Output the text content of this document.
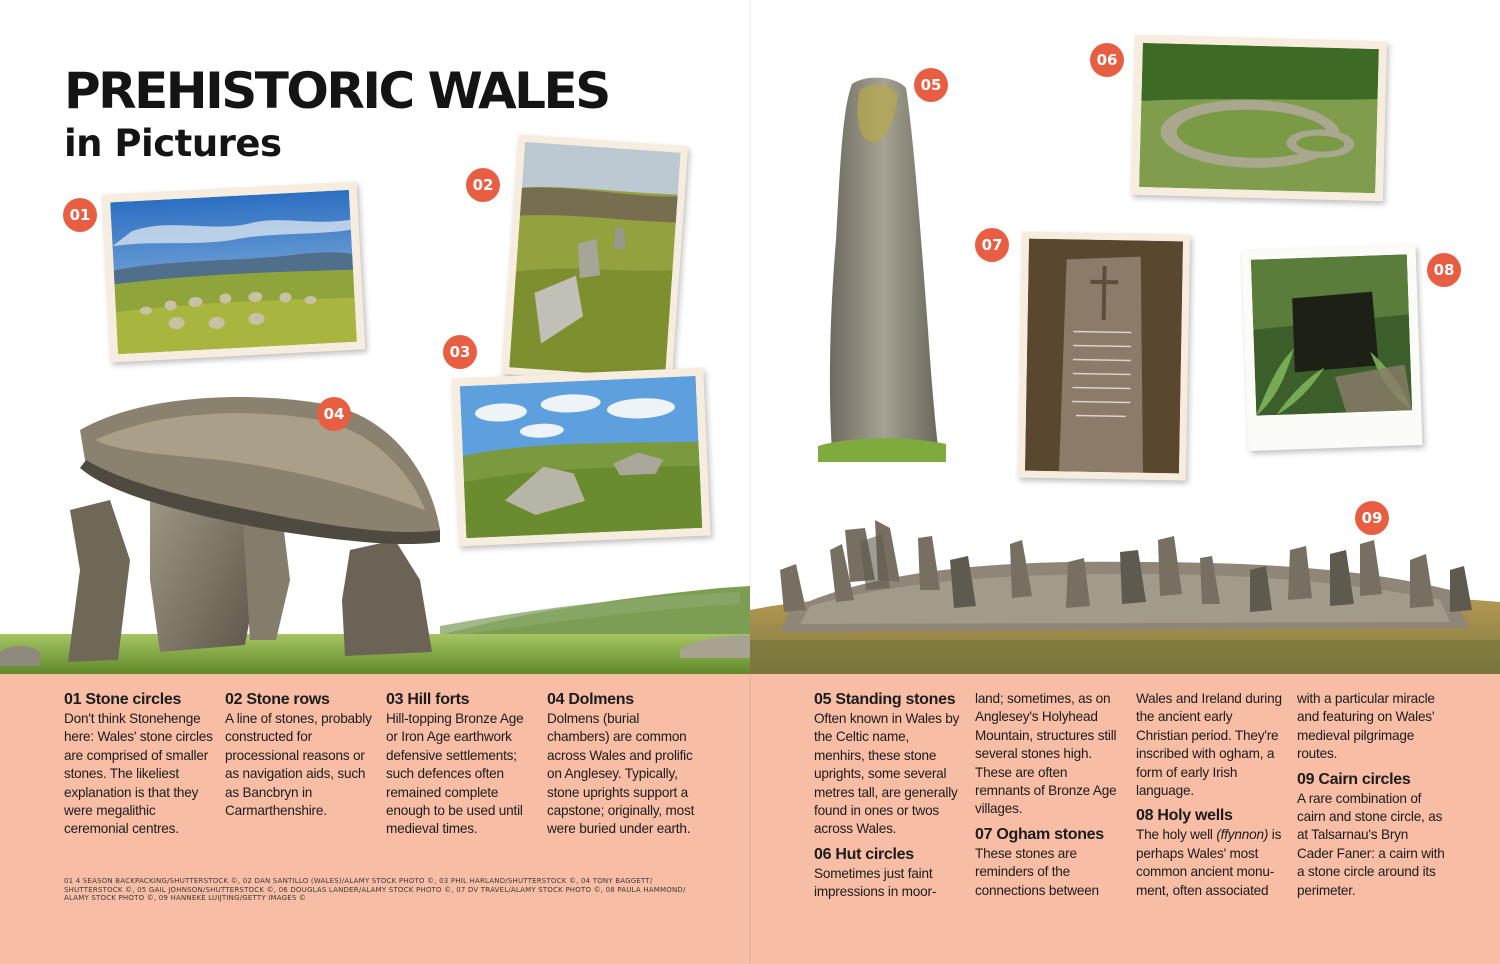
PREHISTORIC WALES
in Pictures
01
02
03
04
05
06
07
08
09
01 Stone circles

Don't think Stonehenge here: Wales' stone circles are comprised of smaller stones. The likeliest explanation is that they were megalithic ceremonial centres.

02 Stone rows

A line of stones, probably constructed for processional reasons or as navigation aids, such as Bancbryn in Carmarthenshire.

03 Hill forts

Hill-topping Bronze Age or Iron Age earthwork defensive settlements; such defences often remained complete enough to be used until medieval times.

04 Dolmens

Dolmens (burial chambers) are common across Wales and prolific on Anglesey. Typically, stone uprights support a capstone; originally, most were buried under earth.

01 4 SEASON BACKPACKING/SHUTTERSTOCK ©, 02 DAN SANTILLO (WALES)/ALAMY STOCK PHOTO ©, 03 PHIL HARLAND/SHUTTERSTOCK ©, 04 TONY BAGGETT/ SHUTTERSTOCK ©, 05 GAIL JOHNSON/SHUTTERSTOCK ©, 06 DOUGLAS LANDER/ALAMY STOCK PHOTO ©, 07 DV TRAVEL/ALAMY STOCK PHOTO ©, 08 PAULA HAMMOND/ ALAMY STOCK PHOTO ©, 09 HANNEKE LUIJTING/GETTY IMAGES ©
05 Standing stones

Often known in Wales by the Celtic name, menhirs, these stone uprights, some several metres tall, are generally found in ones or twos across Wales.

06 Hut circles

Sometimes just faint impressions in moor-

land; sometimes, as on Anglesey's Holyhead Mountain, structures still several stones high. These are often remnants of Bronze Age villages.

07 Ogham stones

These stones are reminders of the connections between

Wales and Ireland during the ancient early Christian period. They're inscribed with ogham, a form of early Irish language.

08 Holy wells

The holy well (ffynnon) is perhaps Wales' most common ancient monu-ment, often associated

with a particular miracle and featuring on Wales' medieval pilgrimage routes.

09 Cairn circles

A rare combination of cairn and stone circle, as at Talsarnau's Bryn Cader Faner: a cairn with a stone circle around its perimeter.
